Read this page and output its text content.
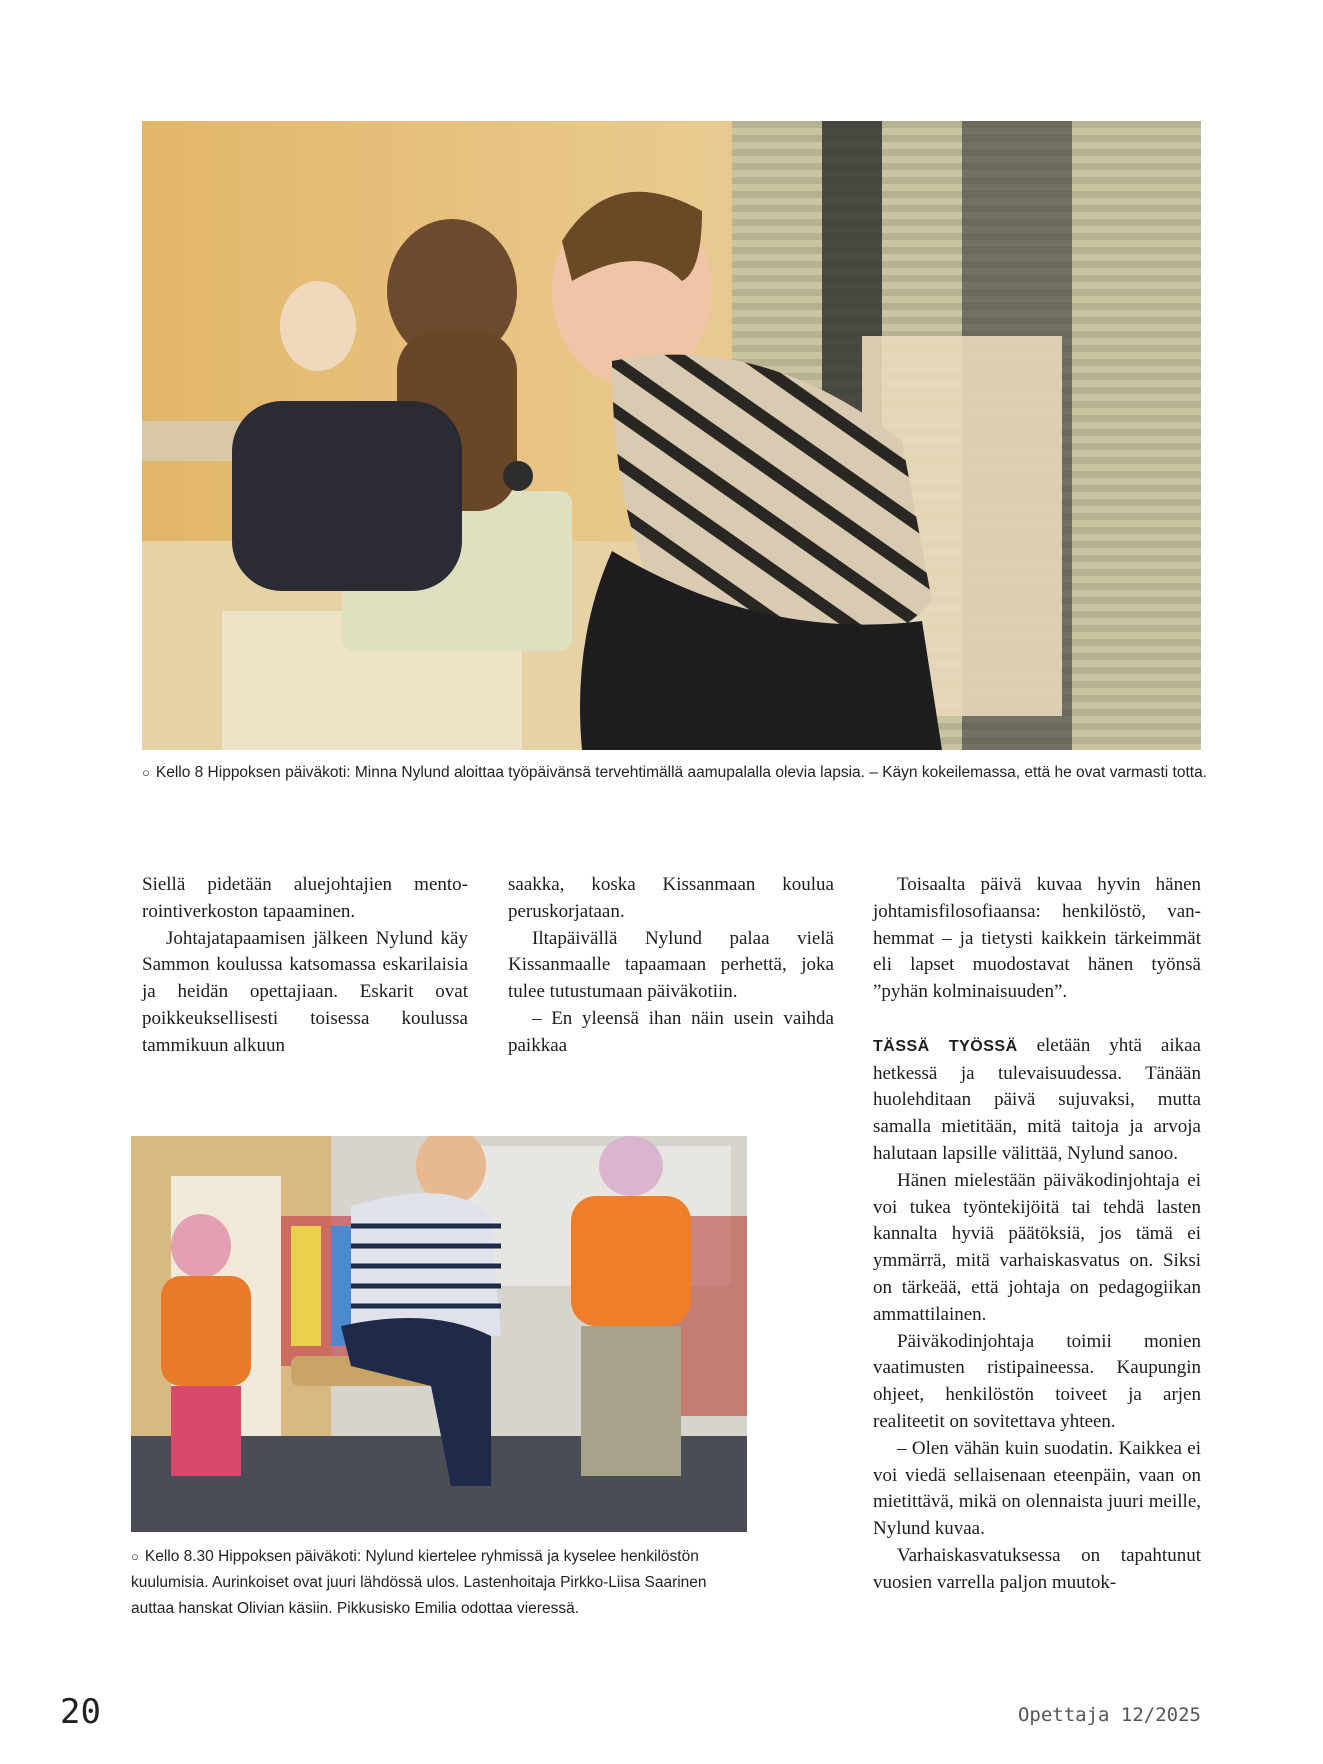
○ Kello 8 Hippoksen päiväkoti: Minna Nylund aloittaa työpäivänsä tervehtimällä aamupalalla olevia lapsia. – Käyn kokeilemassa, että he ovat varmasti totta.

Siellä pidetään aluejohtajien mentorointiverkoston tapaaminen.

Johtajatapaamisen jälkeen Nylund käy Sammon koulussa katsomassa eskarilaisia ja heidän opettajiaan. Eskarit ovat poikkeuksellisesti toisessa koulussa tammikuun alkuun

saakka, koska Kissanmaan koulua peruskorjataan.

Iltapäivällä Nylund palaa vielä Kissanmaalle tapaamaan perhettä, joka tulee tutustumaan päiväkotiin.

– En yleensä ihan näin usein vaihda paikkaa

Toisaalta päivä kuvaa hyvin hänen johtamisfilosofiaansa: henkilöstö, vanhemmat – ja tietysti kaikkein tärkeimmät eli lapset muodostavat hänen työnsä ”pyhän kolminaisuuden”.

TÄSSÄ TYÖSSÄ eletään yhtä aikaa hetkessä ja tulevaisuudessa. Tänään huolehditaan päivä sujuvaksi, mutta samalla mietitään, mitä taitoja ja arvoja halutaan lapsille välittää, Nylund sanoo.

Hänen mielestään päiväkodinjohtaja ei voi tukea työntekijöitä tai tehdä lasten kannalta hyviä päätöksiä, jos tämä ei ymmärrä, mitä varhaiskasvatus on. Siksi on tärkeää, että johtaja on pedagogiikan ammattilainen.

Päiväkodinjohtaja toimii monien vaatimusten ristipaineessa. Kaupungin ohjeet, henkilöstön toiveet ja arjen realiteetit on sovitettava yhteen.

– Olen vähän kuin suodatin. Kaikkea ei voi viedä sellaisenaan eteenpäin, vaan on mietittävä, mikä on olennaista juuri meille, Nylund kuvaa.

Varhaiskasvatuksessa on tapahtunut vuosien varrella paljon muutok-

○ Kello 8.30 Hippoksen päiväkoti: Nylund kiertelee ryhmissä ja kyselee henkilöstön kuulumisia. Aurinkoiset ovat juuri lähdössä ulos. Lastenhoitaja Pirkko-Liisa Saarinen auttaa hanskat Olivian käsiin. Pikkusisko Emilia odottaa vieressä.
20	Opettaja 12/2025
